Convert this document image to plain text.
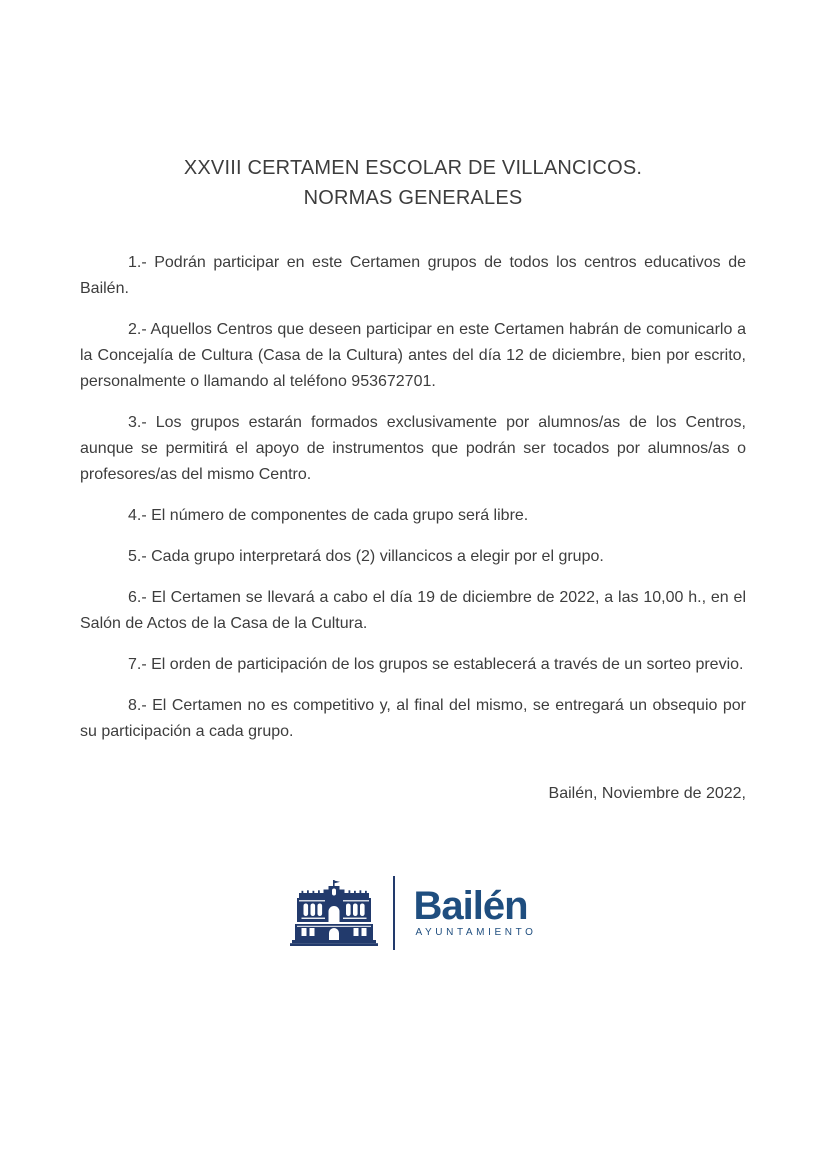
XXVIII CERTAMEN ESCOLAR DE VILLANCICOS.
NORMAS GENERALES

1.- Podrán participar en este Certamen grupos de todos los centros educativos de Bailén.

2.- Aquellos Centros que deseen participar en este Certamen habrán de comunicarlo a la Concejalía de Cultura (Casa de la Cultura) antes del día 12 de diciembre, bien por escrito, personalmente o llamando al teléfono 953672701.

3.- Los grupos estarán formados exclusivamente por alumnos/as de los Centros, aunque se permitirá el apoyo de instrumentos que podrán ser tocados por alumnos/as o profesores/as del mismo Centro.

4.- El número de componentes de cada grupo será libre.

5.- Cada grupo interpretará dos (2) villancicos a elegir por el grupo.

6.- El Certamen se llevará a cabo el día 19 de diciembre de 2022, a las 10,00 h., en el Salón de Actos de la Casa de la Cultura.

7.- El orden de participación de los grupos se establecerá a través de un sorteo previo.

8.- El Certamen no es competitivo y, al final del mismo, se entregará un obsequio por su participación a cada grupo.

Bailén, Noviembre de 2022,

Bailén
AYUNTAMIENTO
